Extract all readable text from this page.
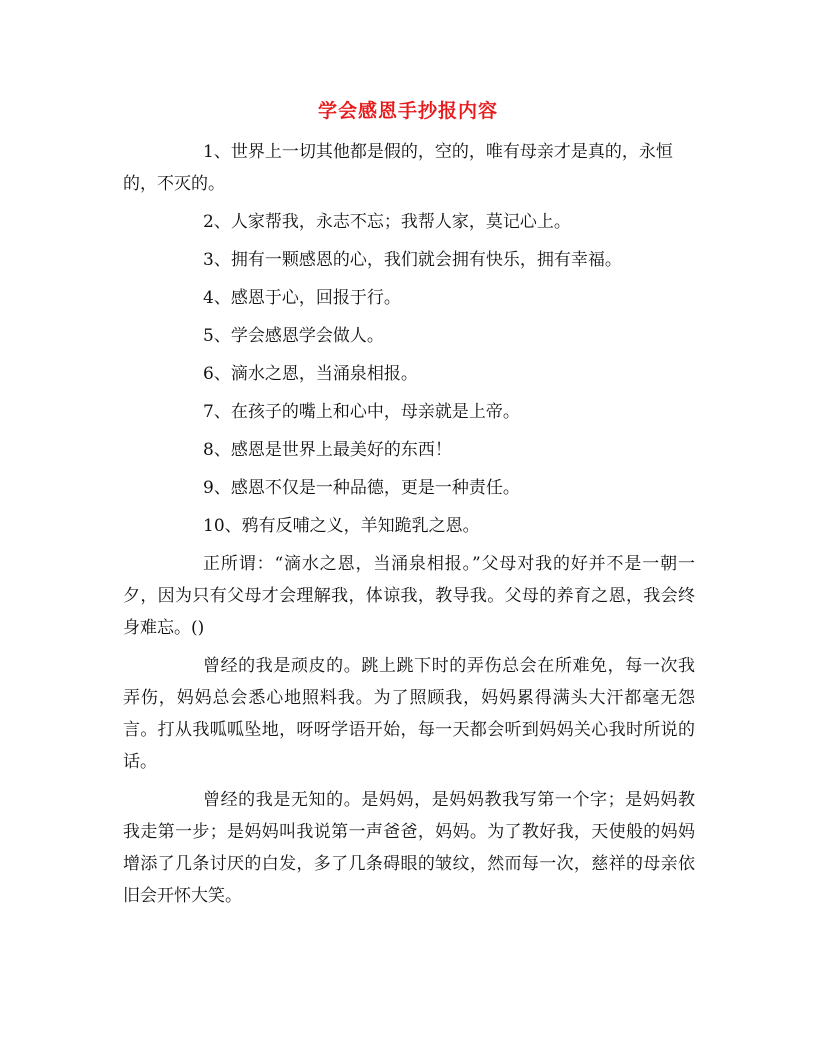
学会感恩手抄报内容

1、世界上一切其他都是假的，空的，唯有母亲才是真的，永恒的，不灭的。

2、人家帮我，永志不忘；我帮人家，莫记心上。

3、拥有一颗感恩的心，我们就会拥有快乐，拥有幸福。

4、感恩于心，回报于行。

5、学会感恩学会做人。

6、滴水之恩，当涌泉相报。

7、在孩子的嘴上和心中，母亲就是上帝。

8、感恩是世界上最美好的东西！

9、感恩不仅是一种品德，更是一种责任。

10、鸦有反哺之义，羊知跪乳之恩。

正所谓：“滴水之恩，当涌泉相报。”父母对我的好并不是一朝一夕，因为只有父母才会理解我，体谅我，教导我。父母的养育之恩，我会终身难忘。()

曾经的我是顽皮的。跳上跳下时的弄伤总会在所难免，每一次我弄伤，妈妈总会悉心地照料我。为了照顾我，妈妈累得满头大汗都毫无怨言。打从我呱呱坠地，呀呀学语开始，每一天都会听到妈妈关心我时所说的话。

曾经的我是无知的。是妈妈，是妈妈教我写第一个字；是妈妈教我走第一步；是妈妈叫我说第一声爸爸，妈妈。为了教好我，天使般的妈妈增添了几条讨厌的白发，多了几条碍眼的皱纹，然而每一次，慈祥的母亲依旧会开怀大笑。
